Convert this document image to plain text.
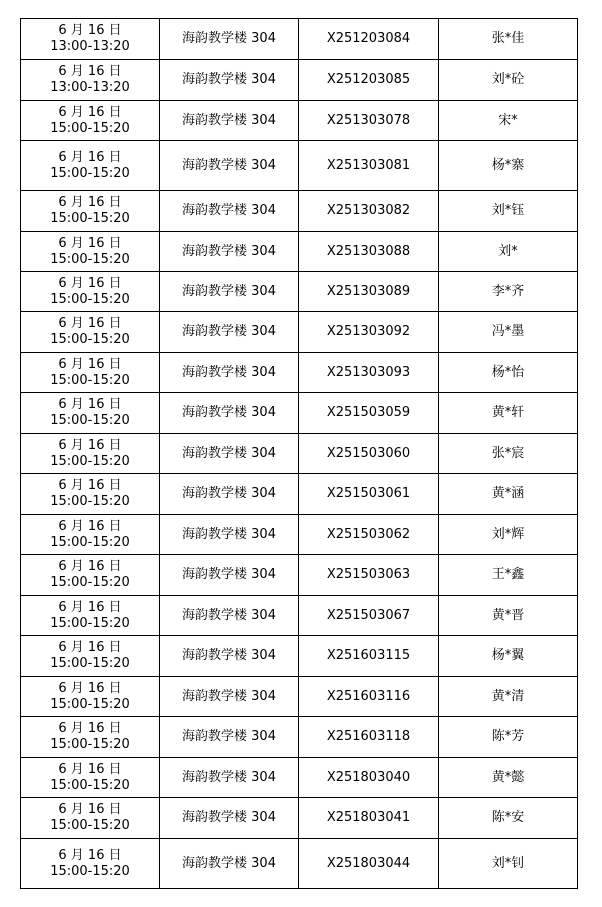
6 月 16 日
13:00-13:20	海韵教学楼 304	X251203084	张*佳

6 月 16 日
13:00-13:20	海韵教学楼 304	X251203085	刘*砼

6 月 16 日
15:00-15:20	海韵教学楼 304	X251303078	宋*

6 月 16 日
15:00-15:20	海韵教学楼 304	X251303081	杨*寨

6 月 16 日
15:00-15:20	海韵教学楼 304	X251303082	刘*钰

6 月 16 日
15:00-15:20	海韵教学楼 304	X251303088	刘*

6 月 16 日
15:00-15:20	海韵教学楼 304	X251303089	李*齐

6 月 16 日
15:00-15:20	海韵教学楼 304	X251303092	冯*墨

6 月 16 日
15:00-15:20	海韵教学楼 304	X251303093	杨*怡

6 月 16 日
15:00-15:20	海韵教学楼 304	X251503059	黄*轩

6 月 16 日
15:00-15:20	海韵教学楼 304	X251503060	张*宸

6 月 16 日
15:00-15:20	海韵教学楼 304	X251503061	黄*涵

6 月 16 日
15:00-15:20	海韵教学楼 304	X251503062	刘*辉

6 月 16 日
15:00-15:20	海韵教学楼 304	X251503063	王*鑫

6 月 16 日
15:00-15:20	海韵教学楼 304	X251503067	黄*晋

6 月 16 日
15:00-15:20	海韵教学楼 304	X251603115	杨*翼

6 月 16 日
15:00-15:20	海韵教学楼 304	X251603116	黄*清

6 月 16 日
15:00-15:20	海韵教学楼 304	X251603118	陈*芳

6 月 16 日
15:00-15:20	海韵教学楼 304	X251803040	黄*懿

6 月 16 日
15:00-15:20	海韵教学楼 304	X251803041	陈*安

6 月 16 日
15:00-15:20	海韵教学楼 304	X251803044	刘*钊
